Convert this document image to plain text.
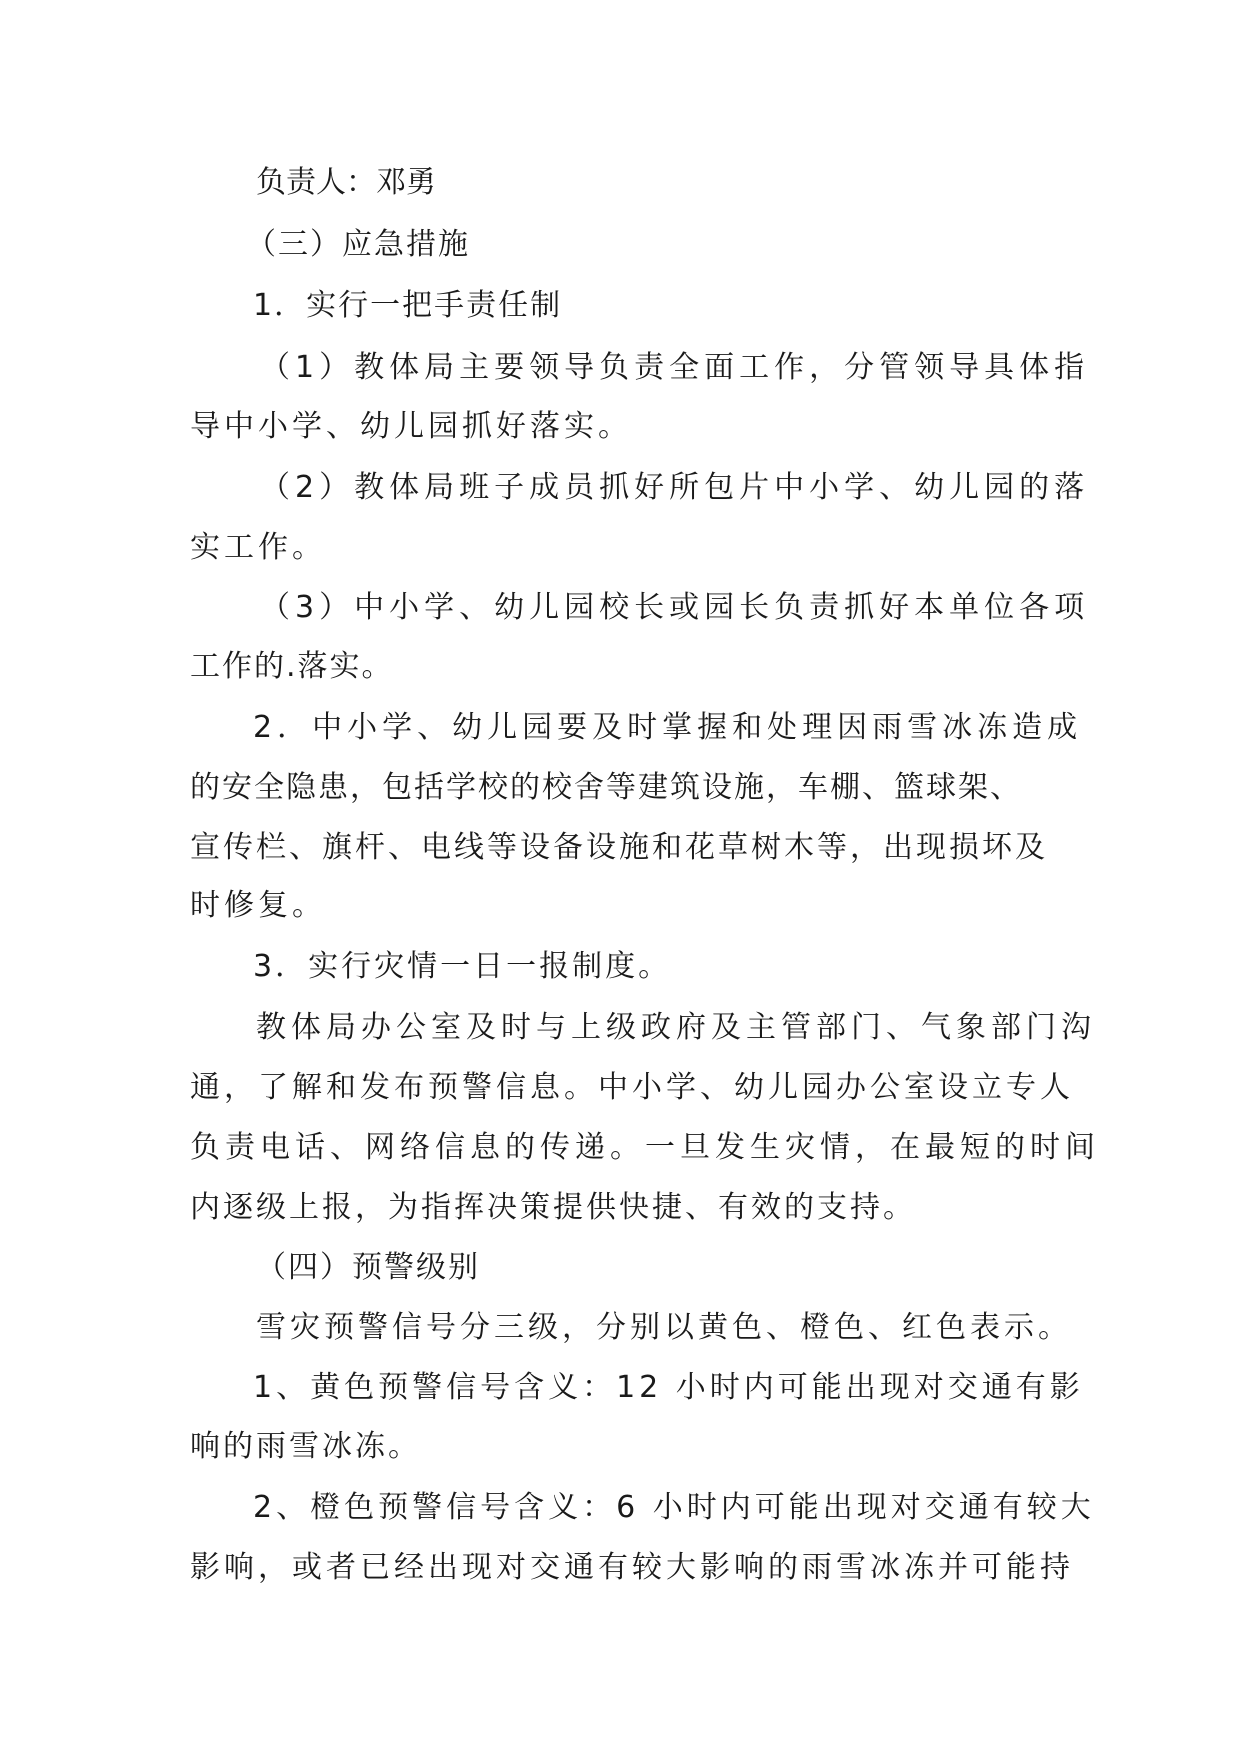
负责人：邓勇
（三）应急措施
1．实行一把手责任制
（1）教体局主要领导负责全面工作，分管领导具体指
导中小学、幼儿园抓好落实。
（2）教体局班子成员抓好所包片中小学、幼儿园的落
实工作。
（3）中小学、幼儿园校长或园长负责抓好本单位各项
工作的.落实。
2．中小学、幼儿园要及时掌握和处理因雨雪冰冻造成
的安全隐患，包括学校的校舍等建筑设施，车棚、篮球架、
宣传栏、旗杆、电线等设备设施和花草树木等，出现损坏及
时修复。
3．实行灾情一日一报制度。
教体局办公室及时与上级政府及主管部门、气象部门沟
通，了解和发布预警信息。中小学、幼儿园办公室设立专人
负责电话、网络信息的传递。一旦发生灾情，在最短的时间
内逐级上报，为指挥决策提供快捷、有效的支持。
（四）预警级别
雪灾预警信号分三级，分别以黄色、橙色、红色表示。
1、黄色预警信号含义：12 小时内可能出现对交通有影
响的雨雪冰冻。
2、橙色预警信号含义：6 小时内可能出现对交通有较大
影响，或者已经出现对交通有较大影响的雨雪冰冻并可能持
